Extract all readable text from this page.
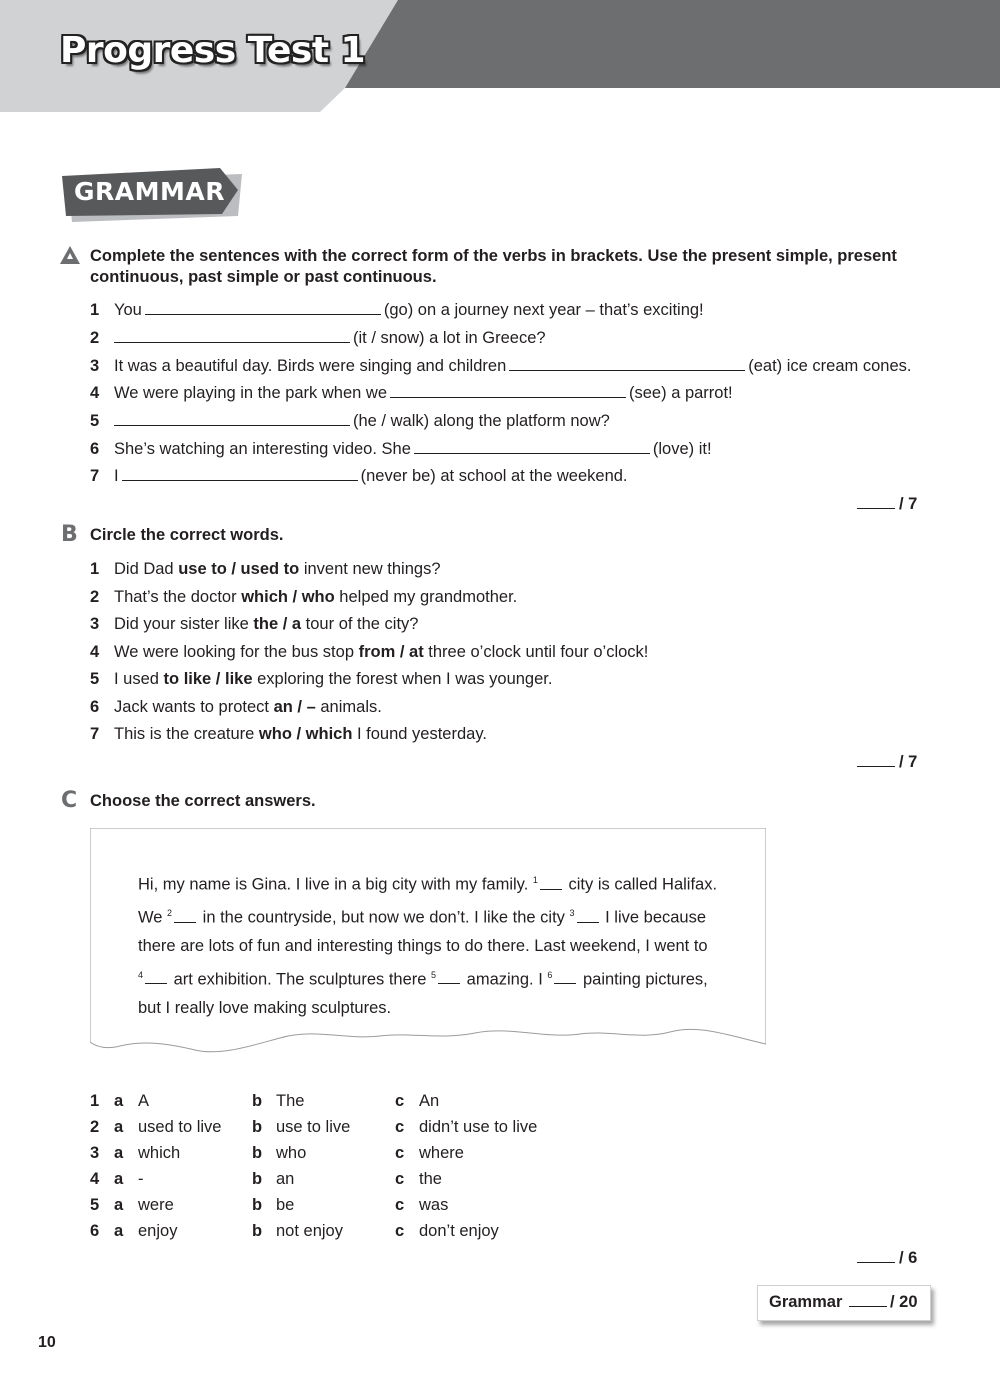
Progress Test 1
GRAMMAR
Complete the sentences with the correct form of the verbs in brackets. Use the present simple, present
continuous, past simple or past continuous.
1 You	(go) on a journey next year – that’s exciting!
2	(it / snow) a lot in Greece?
3 It was a beautiful day. Birds were singing and children	(eat) ice cream cones.
4 We were playing in the park when we	(see) a parrot!
5	(he / walk) along the platform now?
6 She’s watching an interesting video. She	(love) it!
7 I	(never be) at school at the weekend.
/ 7
B Circle the correct words.
1 Did Dad use to / used to invent new things?
2 That’s the doctor which / who helped my grandmother.
3 Did your sister like the / a tour of the city?
4 We were looking for the bus stop from / at three o’clock until four o’clock!
5 I used to like / like exploring the forest when I was younger.
6 Jack wants to protect an / – animals.
7 This is the creature who / which I found yesterday.
/ 7
C Choose the correct answers.
Hi, my name is Gina. I live in a big city with my family. $^1$ city is called Halifax.
We $^2$ in the countryside, but now we don’t. I like the city $^3$ I live because
there are lots of fun and interesting things to do there. Last weekend, I went to
$^4$ art exhibition. The sculptures there $^5$ amazing. I $^6$ painting pictures,
but I really love making sculptures.
1 a A	b The	c An
2 a used to live b use to live	c didn’t use to live
3 a which	b who	c where
4 a -	b an	c the
5 a were	b be	c was
6 a enjoy	b not enjoy	c don’t enjoy
/ 6
Grammar	/ 20
10
